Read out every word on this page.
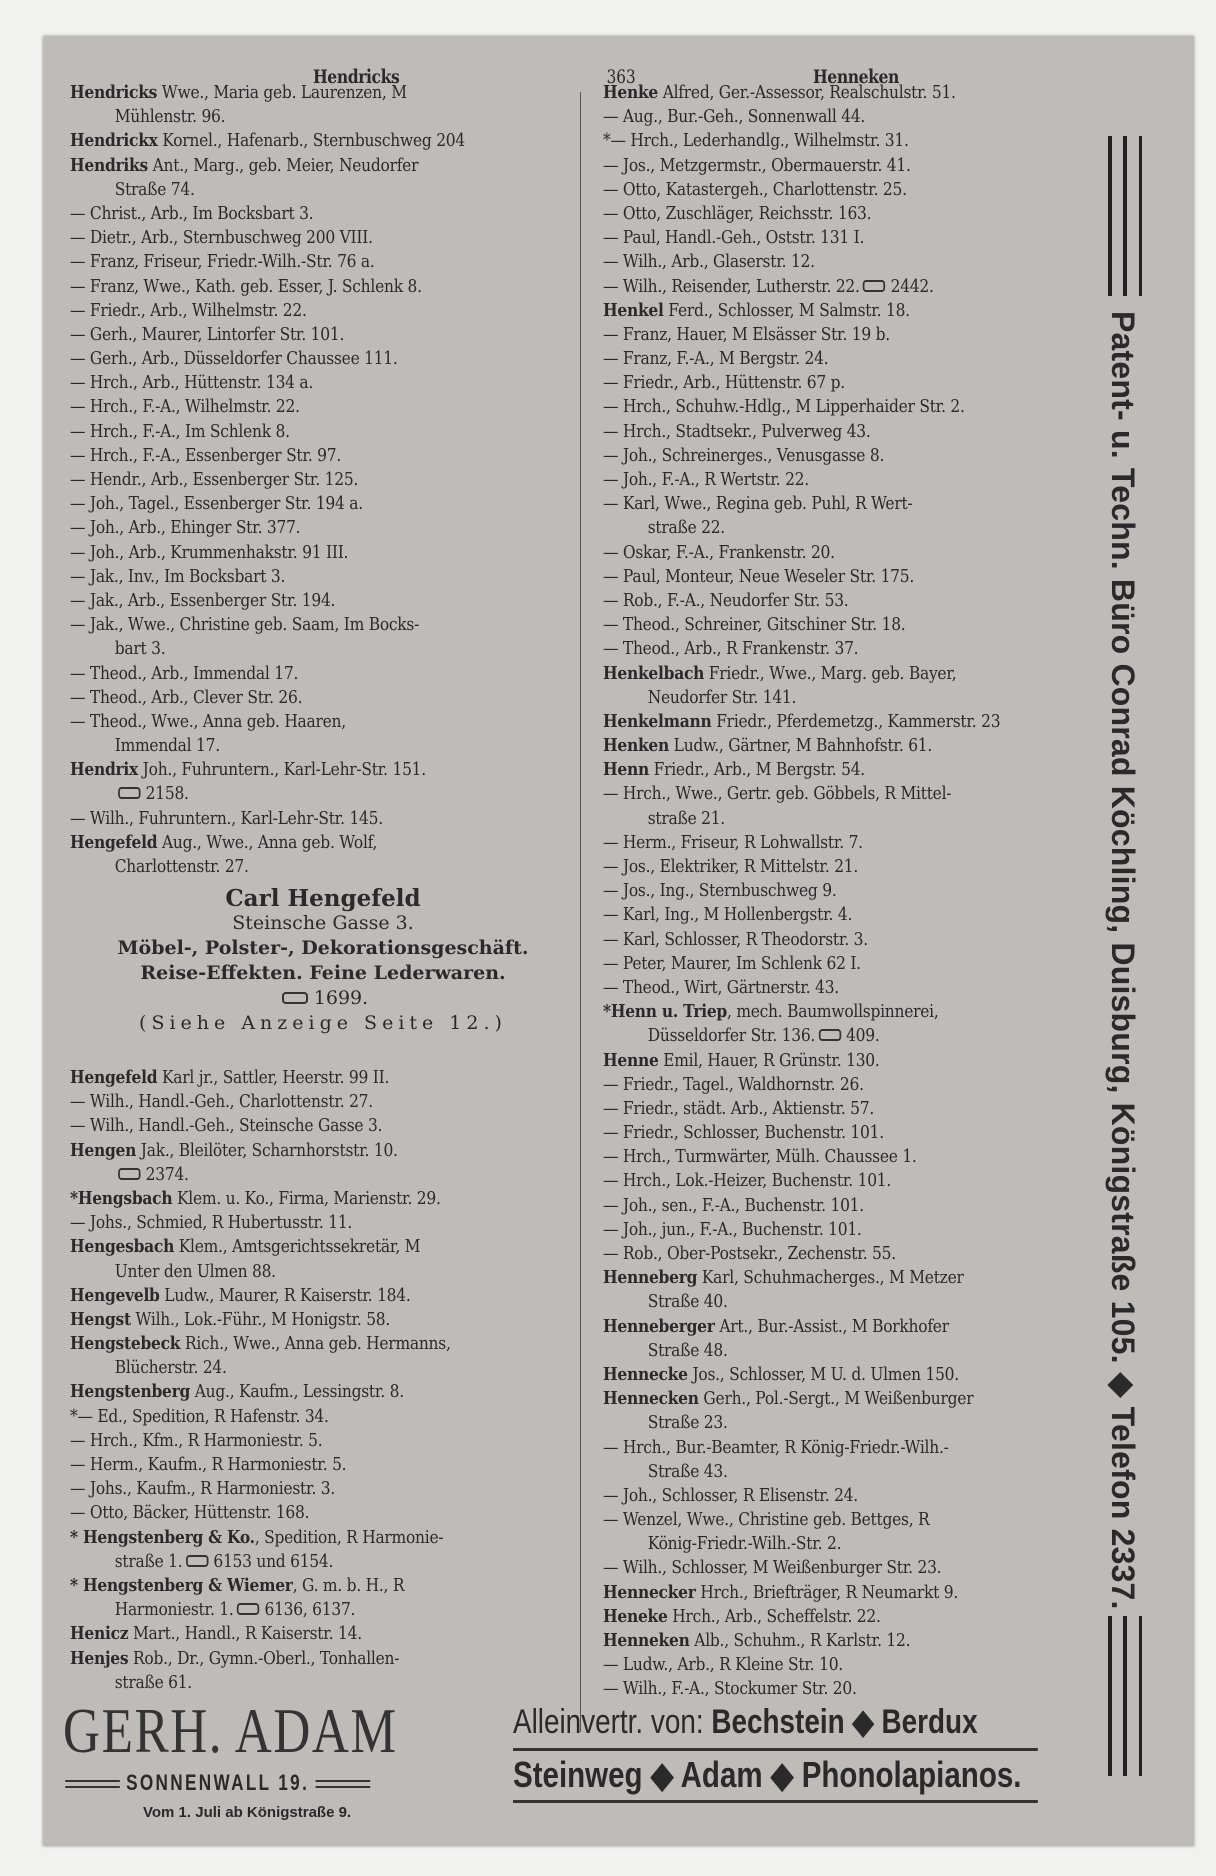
Hendricks	363	Henneken
Hendricks Wwe., Maria geb. Laurenzen, M
Mühlenstr. 96.
Hendrickx Kornel., Hafenarb., Sternbuschweg 204
Hendriks Ant., Marg., geb. Meier, Neudorfer
Straße 74.
— Christ., Arb., Im Bocksbart 3.
— Dietr., Arb., Sternbuschweg 200 VIII.
— Franz, Friseur, Friedr.-Wilh.-Str. 76 a.
— Franz, Wwe., Kath. geb. Esser, J. Schlenk 8.
— Friedr., Arb., Wilhelmstr. 22.
— Gerh., Maurer, Lintorfer Str. 101.
— Gerh., Arb., Düsseldorfer Chaussee 111.
— Hrch., Arb., Hüttenstr. 134 a.
— Hrch., F.-A., Wilhelmstr. 22.
— Hrch., F.-A., Im Schlenk 8.
— Hrch., F.-A., Essenberger Str. 97.
— Hendr., Arb., Essenberger Str. 125.
— Joh., Tagel., Essenberger Str. 194 a.
— Joh., Arb., Ehinger Str. 377.
— Joh., Arb., Krummenhakstr. 91 III.
— Jak., Inv., Im Bocksbart 3.
— Jak., Arb., Essenberger Str. 194.
— Jak., Wwe., Christine geb. Saam, Im Bocks-
bart 3.
— Theod., Arb., Immendal 17.
— Theod., Arb., Clever Str. 26.
— Theod., Wwe., Anna geb. Haaren,
Immendal 17.
Hendrix Joh., Fuhruntern., Karl-Lehr-Str. 151.
2158.
— Wilh., Fuhruntern., Karl-Lehr-Str. 145.
Hengefeld Aug., Wwe., Anna geb. Wolf,
Charlottenstr. 27.
Carl Hengefeld
Steinsche Gasse 3.
Möbel-, Polster-, Dekorationsgeschäft.
Reise-Effekten. Feine Lederwaren.
1699.
(Siehe Anzeige Seite 12.)
Hengefeld Karl jr., Sattler, Heerstr. 99 II.
— Wilh., Handl.-Geh., Charlottenstr. 27.
— Wilh., Handl.-Geh., Steinsche Gasse 3.
Hengen Jak., Bleilöter, Scharnhorststr. 10.
2374.
*Hengsbach Klem. u. Ko., Firma, Marienstr. 29.
— Johs., Schmied, R Hubertusstr. 11.
Hengesbach Klem., Amtsgerichtssekretär, M
Unter den Ulmen 88.
Hengevelb Ludw., Maurer, R Kaiserstr. 184.
Hengst Wilh., Lok.-Führ., M Honigstr. 58.
Hengstebeck Rich., Wwe., Anna geb. Hermanns,
Blücherstr. 24.
Hengstenberg Aug., Kaufm., Lessingstr. 8.
*— Ed., Spedition, R Hafenstr. 34.
— Hrch., Kfm., R Harmoniestr. 5.
— Herm., Kaufm., R Harmoniestr. 5.
— Johs., Kaufm., R Harmoniestr. 3.
— Otto, Bäcker, Hüttenstr. 168.
* Hengstenberg & Ko., Spedition, R Harmonie-
straße 1. 6153 und 6154.
* Hengstenberg & Wiemer, G. m. b. H., R
Harmoniestr. 1. 6136, 6137.
Henicz Mart., Handl., R Kaiserstr. 14.
Henjes Rob., Dr., Gymn.-Oberl., Tonhallen-
straße 61.
Henke Alfred, Ger.-Assessor, Realschulstr. 51.
— Aug., Bur.-Geh., Sonnenwall 44.
*— Hrch., Lederhandlg., Wilhelmstr. 31.
— Jos., Metzgermstr., Obermauerstr. 41.
— Otto, Katastergeh., Charlottenstr. 25.
— Otto, Zuschläger, Reichsstr. 163.
— Paul, Handl.-Geh., Oststr. 131 I.
— Wilh., Arb., Glaserstr. 12.
— Wilh., Reisender, Lutherstr. 22. 2442.
Henkel Ferd., Schlosser, M Salmstr. 18.
— Franz, Hauer, M Elsässer Str. 19 b.
— Franz, F.-A., M Bergstr. 24.
— Friedr., Arb., Hüttenstr. 67 p.
— Hrch., Schuhw.-Hdlg., M Lipperhaider Str. 2.
— Hrch., Stadtsekr., Pulverweg 43.
— Joh., Schreinerges., Venusgasse 8.
— Joh., F.-A., R Wertstr. 22.
— Karl, Wwe., Regina geb. Puhl, R Wert-
straße 22.
— Oskar, F.-A., Frankenstr. 20.
— Paul, Monteur, Neue Weseler Str. 175.
— Rob., F.-A., Neudorfer Str. 53.
— Theod., Schreiner, Gitschiner Str. 18.
— Theod., Arb., R Frankenstr. 37.
Henkelbach Friedr., Wwe., Marg. geb. Bayer,
Neudorfer Str. 141.
Henkelmann Friedr., Pferdemetzg., Kammerstr. 23
Henken Ludw., Gärtner, M Bahnhofstr. 61.
Henn Friedr., Arb., M Bergstr. 54.
— Hrch., Wwe., Gertr. geb. Göbbels, R Mittel-
straße 21.
— Herm., Friseur, R Lohwallstr. 7.
— Jos., Elektriker, R Mittelstr. 21.
— Jos., Ing., Sternbuschweg 9.
— Karl, Ing., M Hollenbergstr. 4.
— Karl, Schlosser, R Theodorstr. 3.
— Peter, Maurer, Im Schlenk 62 I.
— Theod., Wirt, Gärtnerstr. 43.
*Henn u. Triep, mech. Baumwollspinnerei,
Düsseldorfer Str. 136. 409.
Henne Emil, Hauer, R Grünstr. 130.
— Friedr., Tagel., Waldhornstr. 26.
— Friedr., städt. Arb., Aktienstr. 57.
— Friedr., Schlosser, Buchenstr. 101.
— Hrch., Turmwärter, Mülh. Chaussee 1.
— Hrch., Lok.-Heizer, Buchenstr. 101.
— Joh., sen., F.-A., Buchenstr. 101.
— Joh., jun., F.-A., Buchenstr. 101.
— Rob., Ober-Postsekr., Zechenstr. 55.
Henneberg Karl, Schuhmacherges., M Metzer
Straße 40.
Henneberger Art., Bur.-Assist., M Borkhofer
Straße 48.
Hennecke Jos., Schlosser, M U. d. Ulmen 150.
Hennecken Gerh., Pol.-Sergt., M Weißenburger
Straße 23.
— Hrch., Bur.-Beamter, R König-Friedr.-Wilh.-
Straße 43.
— Joh., Schlosser, R Elisenstr. 24.
— Wenzel, Wwe., Christine geb. Bettges, R
König-Friedr.-Wilh.-Str. 2.
— Wilh., Schlosser, M Weißenburger Str. 23.
Hennecker Hrch., Briefträger, R Neumarkt 9.
Heneke Hrch., Arb., Scheffelstr. 22.
Henneken Alb., Schuhm., R Karlstr. 12.
— Ludw., Arb., R Kleine Str. 10.
— Wilh., F.-A., Stockumer Str. 20.
Patent- u. Techn. Büro Conrad Köchling, Duisburg, Königstraße 105. ◆ Telefon 2337.
GERH. ADAM
SONNENWALL 19.
Vom 1. Juli ab Königstraße 9.
Alleinvertr. von: Bechstein ◆ Berdux
Steinweg ◆ Adam ◆ Phonolapianos.
